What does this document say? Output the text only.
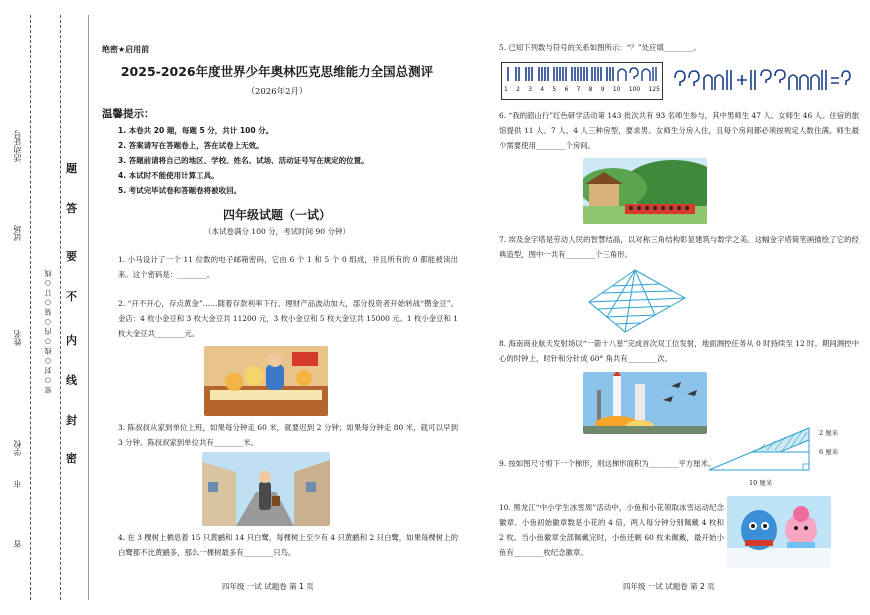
省
市
学校
姓名
试场
活动证号
密 ○ 封 ○ 线 ○ 内 ○ 装 ○ 订 ○ 线
密
封
线
内
不
要
答
题
绝密★启用前
2025-2026年度世界少年奥林匹克思维能力全国总测评
（2026年2月）
温馨提示：
1. 本卷共 20 题，每题 5 分，共计 100 分。
2. 答案请写在答题卷上，答在试卷上无效。
3. 答题前请将自己的地区、学校、姓名、试场、活动证号写在规定的位置。
4. 本试时不能使用计算工具。
5. 考试完毕试卷和答题卷将被收回。
四年级试题（一试）
（本试卷满分 100 分，考试时间 90 分钟）
1. 小马设计了一个 11 位数的电子邮箱密码，它由 6 个 1 和 5 个 0 组成，并且所有的 0 都能被读出来。这个密码是：________。
2. “开不开心，存点黄金”……随着存款利率下行、理财产品波动加大，部分投资者开始转战“攒金豆”。金店：4 枚小金豆和 3 枚大金豆共 11200 元，3 枚小金豆和 5 枚大金豆共 15000 元。1 枚小金豆和 1 枚大金豆共________元。
3. 陈叔叔从家到单位上班，如果每分钟走 60 米，就要迟到 2 分钟；如果每分钟走 80 米，就可以早到 3 分钟。陈叔叔家到单位共有________米。
4. 在 3 棵树上栖息着 15 只黄鹂和 14 只白鹭，每棵树上至少有 4 只黄鹂和 2 只白鹭，如果每棵树上的白鹭都不比黄鹂多，那么一棵树最多有________只鸟。
四年级 一试 试题卷 第 1 页
5. 已知下列数与符号的关系如图所示：“？”处应填________。
1 2 3 4 5 6 7 8 9 10 100 125
6. “我的韶山行”红色研学活动第 143 批次共有 93 名师生参与，其中男师生 47 人、女师生 46 人。住宿的旅馆提供 11 人、7 人、4 人三种房型，要求男、女师生分房入住，且每个房间都必须按规定人数住满。师生最少需要使用________个房间。
7. 埃及金字塔是劳动人民的智慧结晶，以对称三角结构彰显建筑与数学之美。这幅金字塔简笔画描绘了它的经典造型，图中一共有________个三角形。
8. 海南商业航天发射场以“一箭十八星”完成首次双工位发射，地面测控任务从 0 时持续至 12 时。期间测控中心的时钟上，时针和分针成 60° 角共有________次。
9. 按如图尺寸剪下一个梯形，则这梯形面积为________平方厘米。
2 厘米
6 厘米
10 厘米
10. 黑龙江“中小学生冰雪周”活动中，小鱼和小花领取冰雪运动纪念徽章。小鱼初始徽章数是小花的 4 倍，两人每分钟分别佩戴 4 枚和 2 枚。当小鱼徽章全部佩戴完时，小鱼还剩 60 枚未佩戴，最开始小鱼有________枚纪念徽章。
四年级 一试 试题卷 第 2 页
